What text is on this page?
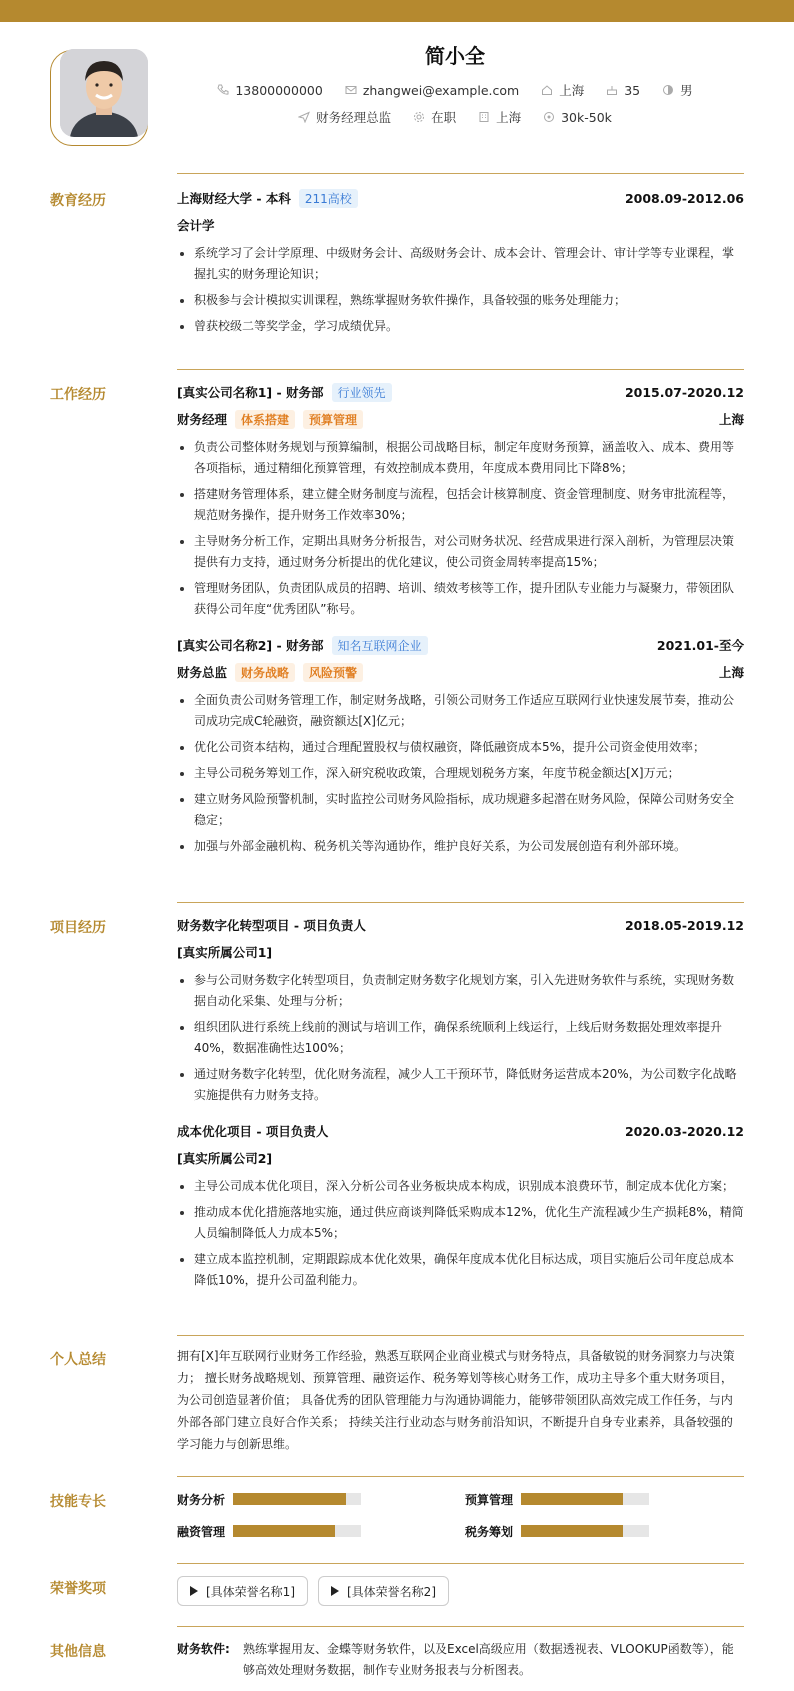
简小全
13800000000	zhangwei@example.com	上海	35	男
财务经理总监	在职	上海	30k-50k
教育经历	上海财经大学 - 本科	211高校	2008.09-2012.06
会计学
系统学习了会计学原理、中级财务会计、高级财务会计、成本会计、管理会计、审计学等专业课程，掌握扎实的财务理论知识；
积极参与会计模拟实训课程，熟练掌握财务软件操作，具备较强的账务处理能力；
曾获校级二等奖学金，学习成绩优异。
工作经历	[真实公司名称1] - 财务部	行业领先	2015.07-2020.12
财务经理	体系搭建	预算管理	上海
负责公司整体财务规划与预算编制，根据公司战略目标，制定年度财务预算，涵盖收入、成本、费用等各项指标，通过精细化预算管理，有效控制成本费用，年度成本费用同比下降8%；
搭建财务管理体系，建立健全财务制度与流程，包括会计核算制度、资金管理制度、财务审批流程等，规范财务操作，提升财务工作效率30%；
主导财务分析工作，定期出具财务分析报告，对公司财务状况、经营成果进行深入剖析，为管理层决策提供有力支持，通过财务分析提出的优化建议，使公司资金周转率提高15%；
管理财务团队，负责团队成员的招聘、培训、绩效考核等工作，提升团队专业能力与凝聚力，带领团队获得公司年度“优秀团队”称号。
[真实公司名称2] - 财务部	知名互联网企业	2021.01-至今
财务总监	财务战略	风险预警	上海
全面负责公司财务管理工作，制定财务战略，引领公司财务工作适应互联网行业快速发展节奏，推动公司成功完成C轮融资，融资额达[X]亿元；
优化公司资本结构，通过合理配置股权与债权融资，降低融资成本5%，提升公司资金使用效率；
主导公司税务筹划工作，深入研究税收政策，合理规划税务方案，年度节税金额达[X]万元；
建立财务风险预警机制，实时监控公司财务风险指标，成功规避多起潜在财务风险，保障公司财务安全稳定；
加强与外部金融机构、税务机关等沟通协作，维护良好关系，为公司发展创造有利外部环境。
项目经历	财务数字化转型项目 - 项目负责人	2018.05-2019.12
[真实所属公司1]
参与公司财务数字化转型项目，负责制定财务数字化规划方案，引入先进财务软件与系统，实现财务数据自动化采集、处理与分析；
组织团队进行系统上线前的测试与培训工作，确保系统顺利上线运行，上线后财务数据处理效率提升40%，数据准确性达100%；
通过财务数字化转型，优化财务流程，减少人工干预环节，降低财务运营成本20%，为公司数字化战略实施提供有力财务支持。
成本优化项目 - 项目负责人	2020.03-2020.12
[真实所属公司2]
主导公司成本优化项目，深入分析公司各业务板块成本构成，识别成本浪费环节，制定成本优化方案；
推动成本优化措施落地实施，通过供应商谈判降低采购成本12%，优化生产流程减少生产损耗8%，精简人员编制降低人力成本5%；
建立成本监控机制，定期跟踪成本优化效果，确保年度成本优化目标达成，项目实施后公司年度总成本降低10%，提升公司盈利能力。
个人总结	拥有[X]年互联网行业财务工作经验，熟悉互联网企业商业模式与财务特点，具备敏锐的财务洞察力与决策力； 擅长财务战略规划、预算管理、融资运作、税务筹划等核心财务工作，成功主导多个重大财务项目，为公司创造显著价值； 具备优秀的团队管理能力与沟通协调能力，能够带领团队高效完成工作任务，与内外部各部门建立良好合作关系； 持续关注行业动态与财务前沿知识，不断提升自身专业素养，具备较强的学习能力与创新思维。

技能专长	财务分析	预算管理
融资管理	税务筹划
荣誉奖项	[具体荣誉名称1]	[具体荣誉名称2]
其他信息	财务软件:	熟练掌握用友、金蝶等财务软件，以及Excel高级应用（数据透视表、VLOOKUP函数等），能够高效处理财务数据，制作专业财务报表与分析图表。
